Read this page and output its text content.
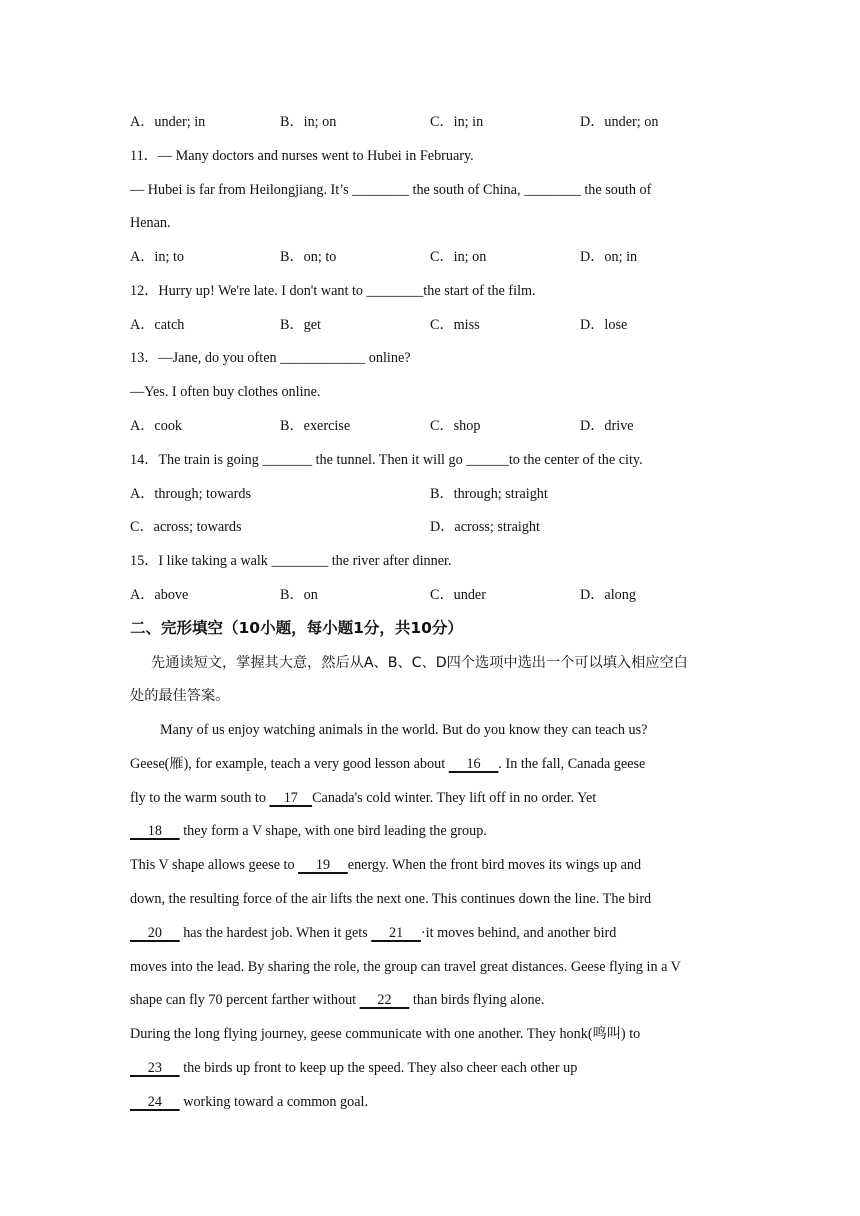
A．under; in	B．in; on	C．in; in	D．under; on
11．— Many doctors and nurses went to Hubei in February.
— Hubei is far from Heilongjiang. It’s ________ the south of China, ________ the south of
Henan.
A．in; to	B．on; to	C．in; on	D．on; in
12．Hurry up! We're late. I don't want to ________the start of the film.
A．catch	B．get	C．miss	D．lose
13．—Jane, do you often ____________ online?
—Yes. I often buy clothes online.
A．cook	B．exercise	C．shop	D．drive
14．The train is going _______ the tunnel. Then it will go ______to the center of the city.
A．through; towards	B．through; straight
C．across; towards	D．across; straight
15．I like taking a walk ________ the river after dinner.
A．above	B．on	C．under	D．along
二、完形填空（10小题，每小题1分，共10分）
先通读短文，掌握其大意，然后从A、B、C、D四个选项中选出一个可以填入相应空白
处的最佳答案。
Many of us enjoy watching animals in the world. But do you know they can teach us?
Geese(雁), for example, teach a very good lesson about      16     . In the fall, Canada geese
fly to the warm south to     17    Canada's cold winter. They lift off in no order. Yet
18      they form a V shape, with one bird leading the group.
This V shape allows geese to      19     energy. When the front bird moves its wings up and
down, the resulting force of the air lifts the next one. This continues down the line. The bird
20      has the hardest job. When it gets      21     ·it moves behind, and another bird
moves into the lead. By sharing the role, the group can travel great distances. Geese flying in a V
shape can fly 70 percent farther without      22      than birds flying alone.
During the long flying journey, geese communicate with one another. They honk(鸣叫) to
23      the birds up front to keep up the speed. They also cheer each other up
24      working toward a common goal.
